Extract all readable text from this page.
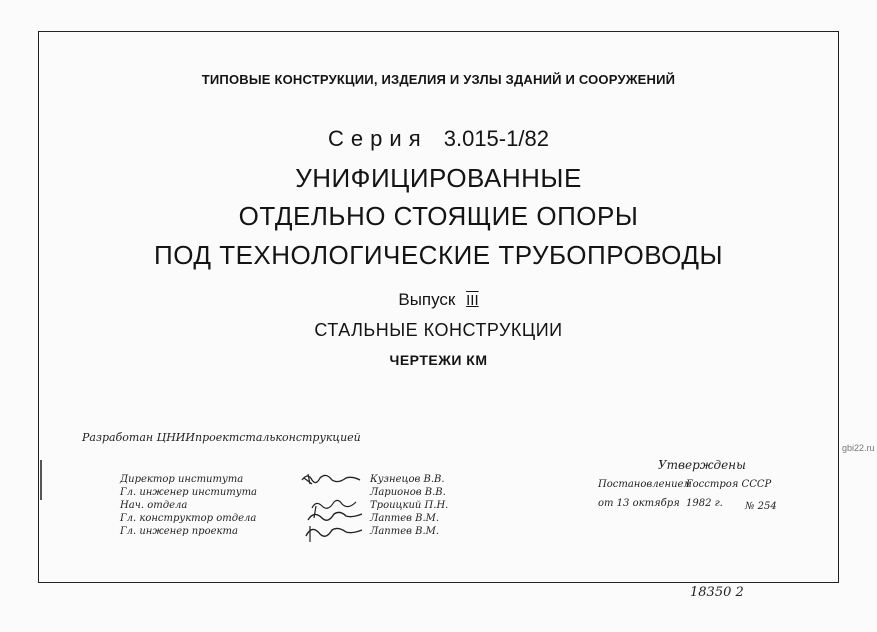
ТИПОВЫЕ КОНСТРУКЦИИ, ИЗДЕЛИЯ И УЗЛЫ ЗДАНИЙ И СООРУЖЕНИЙ
Серия 3.015-1/82
УНИФИЦИРОВАННЫЕ
ОТДЕЛЬНО СТОЯЩИЕ ОПОРЫ
ПОД ТЕХНОЛОГИЧЕСКИЕ ТРУБОПРОВОДЫ
Выпуск III
СТАЛЬНЫЕ КОНСТРУКЦИИ
ЧЕРТЕЖИ КМ
Разработан ЦНИИпроектстальконструкцией
Директор института
Гл. инженер института
Нач. отдела
Гл. конструктор отдела
Гл. инженер проекта
Кузнецов В.В.
Ларионов В.В.
Троицкий П.Н.
Лаптев В.М.
Лаптев В.М.
Утверждены
Постановлением
Госстроя СССР
от 13 октября 1982 г. № 254
18350 2
gbi22.ru
